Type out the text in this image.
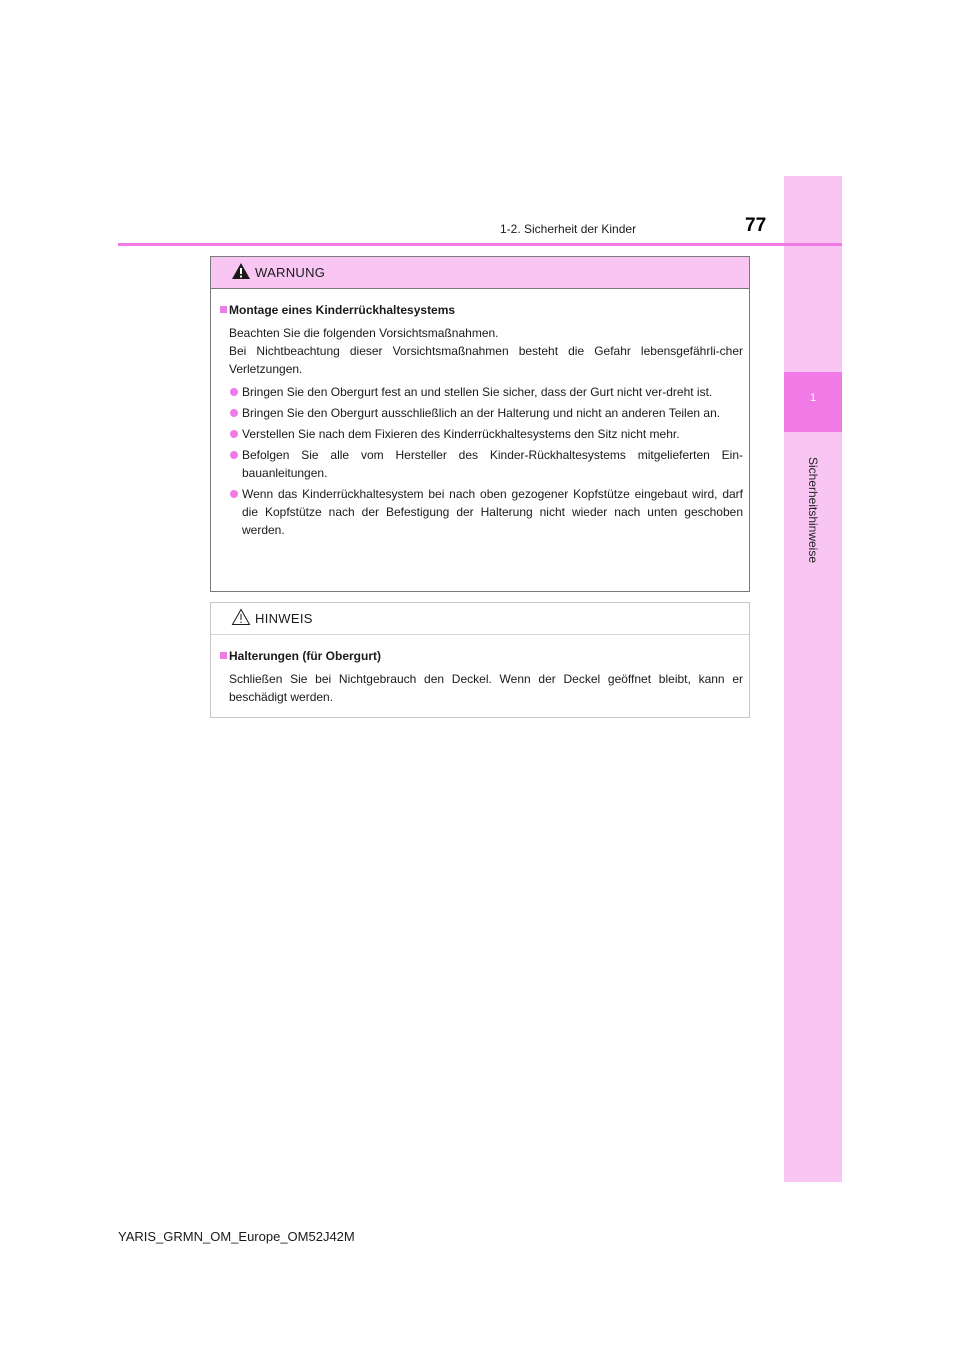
1
Sicherheitshinweise
1-2. Sicherheit der Kinder	77
WARNUNG
Montage eines Kinderrückhaltesystems
Beachten Sie die folgenden Vorsichtsmaßnahmen.
Bei Nichtbeachtung dieser Vorsichtsmaßnahmen besteht die Gefahr lebensgefährli-cher Verletzungen.
Bringen Sie den Obergurt fest an und stellen Sie sicher, dass der Gurt nicht ver-dreht ist.
Bringen Sie den Obergurt ausschließlich an der Halterung und nicht an anderen Teilen an.
Verstellen Sie nach dem Fixieren des Kinderrückhaltesystems den Sitz nicht mehr.
Befolgen Sie alle vom Hersteller des Kinder-Rückhaltesystems mitgelieferten Ein-bauanleitungen.
Wenn das Kinderrückhaltesystem bei nach oben gezogener Kopfstütze eingebaut wird, darf die Kopfstütze nach der Befestigung der Halterung nicht wieder nach unten geschoben werden.
HINWEIS
Halterungen (für Obergurt)
Schließen Sie bei Nichtgebrauch den Deckel. Wenn der Deckel geöffnet bleibt, kann er beschädigt werden.
YARIS_GRMN_OM_Europe_OM52J42M
